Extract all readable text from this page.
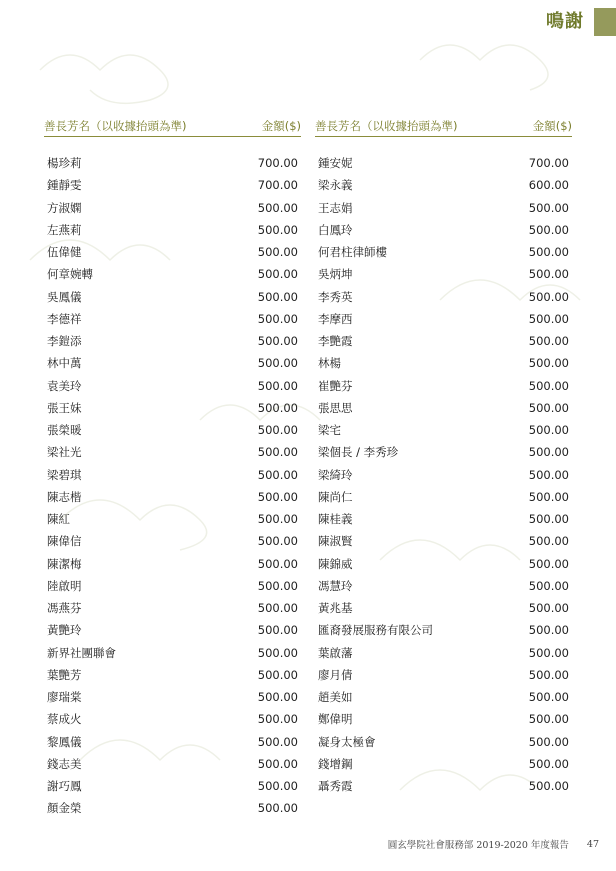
鳴謝
善長芳名（以收據抬頭為準)	金額($)
楊珍莉	700.00
鍾靜雯	700.00
方淑嫻	500.00
左燕莉	500.00
伍偉健	500.00
何章婉轉	500.00
吳鳳儀	500.00
李德祥	500.00
李鎧添	500.00
林中萬	500.00
袁美玲	500.00
張王妹	500.00
張榮暖	500.00
梁社光	500.00
梁碧琪	500.00
陳志楷	500.00
陳紅	500.00
陳偉信	500.00
陳潔梅	500.00
陸啟明	500.00
馮燕芬	500.00
黃艷玲	500.00
新界社團聯會	500.00
葉艷芳	500.00
廖瑞棠	500.00
蔡成火	500.00
黎鳳儀	500.00
錢志美	500.00
謝巧鳳	500.00
顏金榮	500.00
善長芳名（以收據抬頭為準)	金額($)
鍾安妮	700.00
梁永義	600.00
王志娟	500.00
白鳳玲	500.00
何君柱律師樓	500.00
吳炳坤	500.00
李秀英	500.00
李摩西	500.00
李艷霞	500.00
林楊	500.00
崔艷芬	500.00
張思思	500.00
梁宅	500.00
梁個長 / 李秀珍	500.00
梁綺玲	500.00
陳尚仁	500.00
陳桂義	500.00
陳淑賢	500.00
陳錦威	500.00
馮慧玲	500.00
黃兆基	500.00
匯裔發展服務有限公司	500.00
葉啟藩	500.00
廖月倩	500.00
趙美如	500.00
鄭偉明	500.00
凝身太極會	500.00
錢增鋼	500.00
聶秀霞	500.00
圓玄學院社會服務部 2019-2020 年度報告 47
